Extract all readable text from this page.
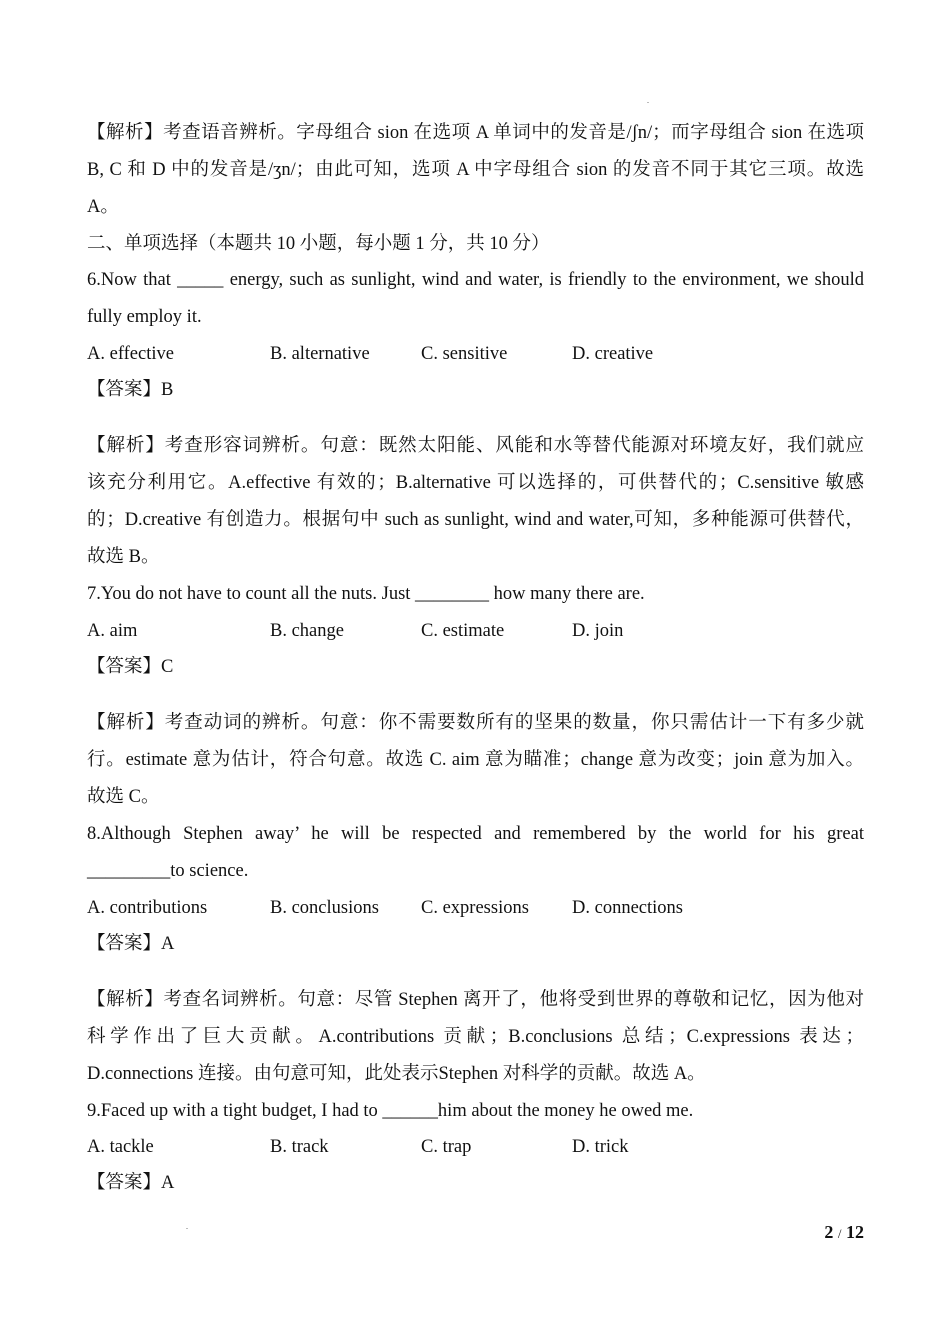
【解析】考查语音辨析。字母组合 sion 在选项 A 单词中的发音是/ʃn/；而字母组合 sion 在选项
B, C 和 D 中的发音是/ʒn/；由此可知，选项 A 中字母组合 sion 的发音不同于其它三项。故选
A。
二、单项选择（本题共 10 小题，每小题 1 分，共 10 分）
6.Now that _____ energy, such as sunlight, wind and water, is friendly to the environment, we should
fully employ it.
A. effective	B. alternative	C. sensitive	D. creative
【答案】B
【解析】考查形容词辨析。句意：既然太阳能、风能和水等替代能源对环境友好，我们就应
该充分利用它。A.effective 有效的；B.alternative 可以选择的，可供替代的；C.sensitive 敏感
的；D.creative 有创造力。根据句中 such as sunlight, wind and water,可知，多种能源可供替代，
故选 B。
7.You do not have to count all the nuts. Just ________ how many there are.
A. aim	B. change	C. estimate	D. join
【答案】C
【解析】考查动词的辨析。句意：你不需要数所有的坚果的数量，你只需估计一下有多少就
行。estimate 意为估计，符合句意。故选 C. aim 意为瞄准；change 意为改变；join 意为加入。
故选 C。
8.Although Stephen away’ he will be respected and remembered by the world for his great
_________to science.
A. contributions	B. conclusions C. expressions D. connections
【答案】A
【解析】考查名词辨析。句意：尽管 Stephen 离开了，他将受到世界的尊敬和记忆，因为他对
科学作出了巨大贡献。A.contributions 贡献；B.conclusions 总结；C.expressions 表达；
D.connections 连接。由句意可知，此处表示Stephen 对科学的贡献。故选 A。
9.Faced up with a tight budget, I had to ______him about the money he owed me.
A. tackle	B. track	C. trap	D. trick
【答案】A
2 / 12
